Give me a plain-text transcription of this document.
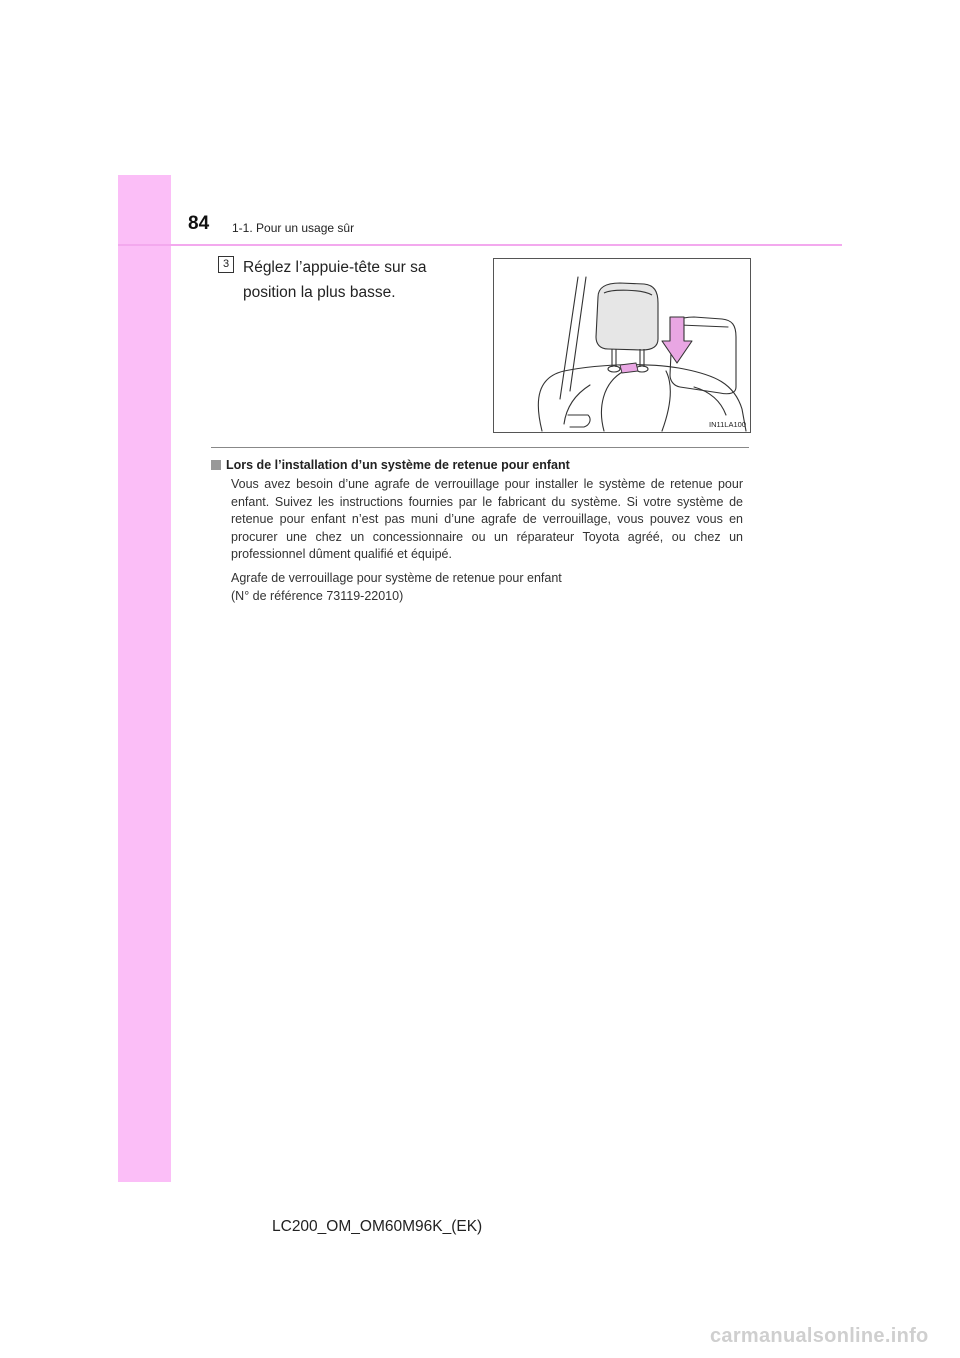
84 1-1. Pour un usage sûr
3 Réglez l’appuie-tête sur sa position la plus basse.
IN11LA100
Lors de l’installation d’un système de retenue pour enfant
Vous avez besoin d’une agrafe de verrouillage pour installer le système de retenue pour enfant. Suivez les instructions fournies par le fabricant du système. Si votre système de retenue pour enfant n’est pas muni d’une agrafe de verrouillage, vous pouvez vous en procurer une chez un concessionnaire ou un réparateur Toyota agréé, ou chez un professionnel dûment qualifié et équipé.
Agrafe de verrouillage pour système de retenue pour enfant
(N° de référence 73119-22010)
LC200_OM_OM60M96K_(EK)
carmanualsonline.info
